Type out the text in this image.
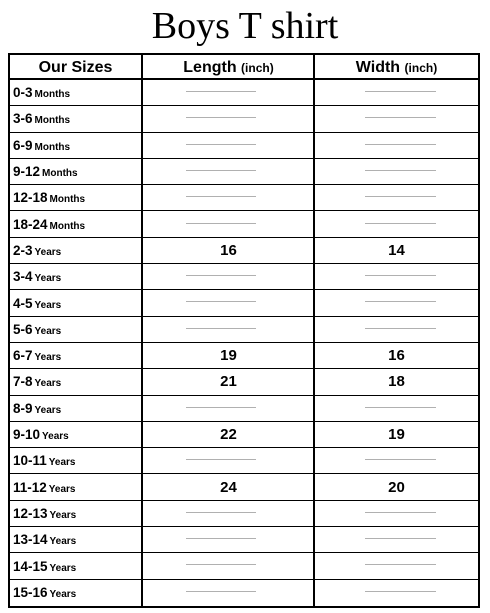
Boys T shirt
Our Sizes	Length (inch)	Width (inch)
0-3 Months
3-6 Months
6-9 Months
9-12 Months
12-18 Months
18-24 Months
2-3 Years	16	14
3-4 Years
4-5 Years
5-6 Years
6-7 Years	19	16
7-8 Years	21	18
8-9 Years
9-10 Years	22	19
10-11 Years
11-12 Years	24	20
12-13 Years
13-14 Years
14-15 Years
15-16 Years
